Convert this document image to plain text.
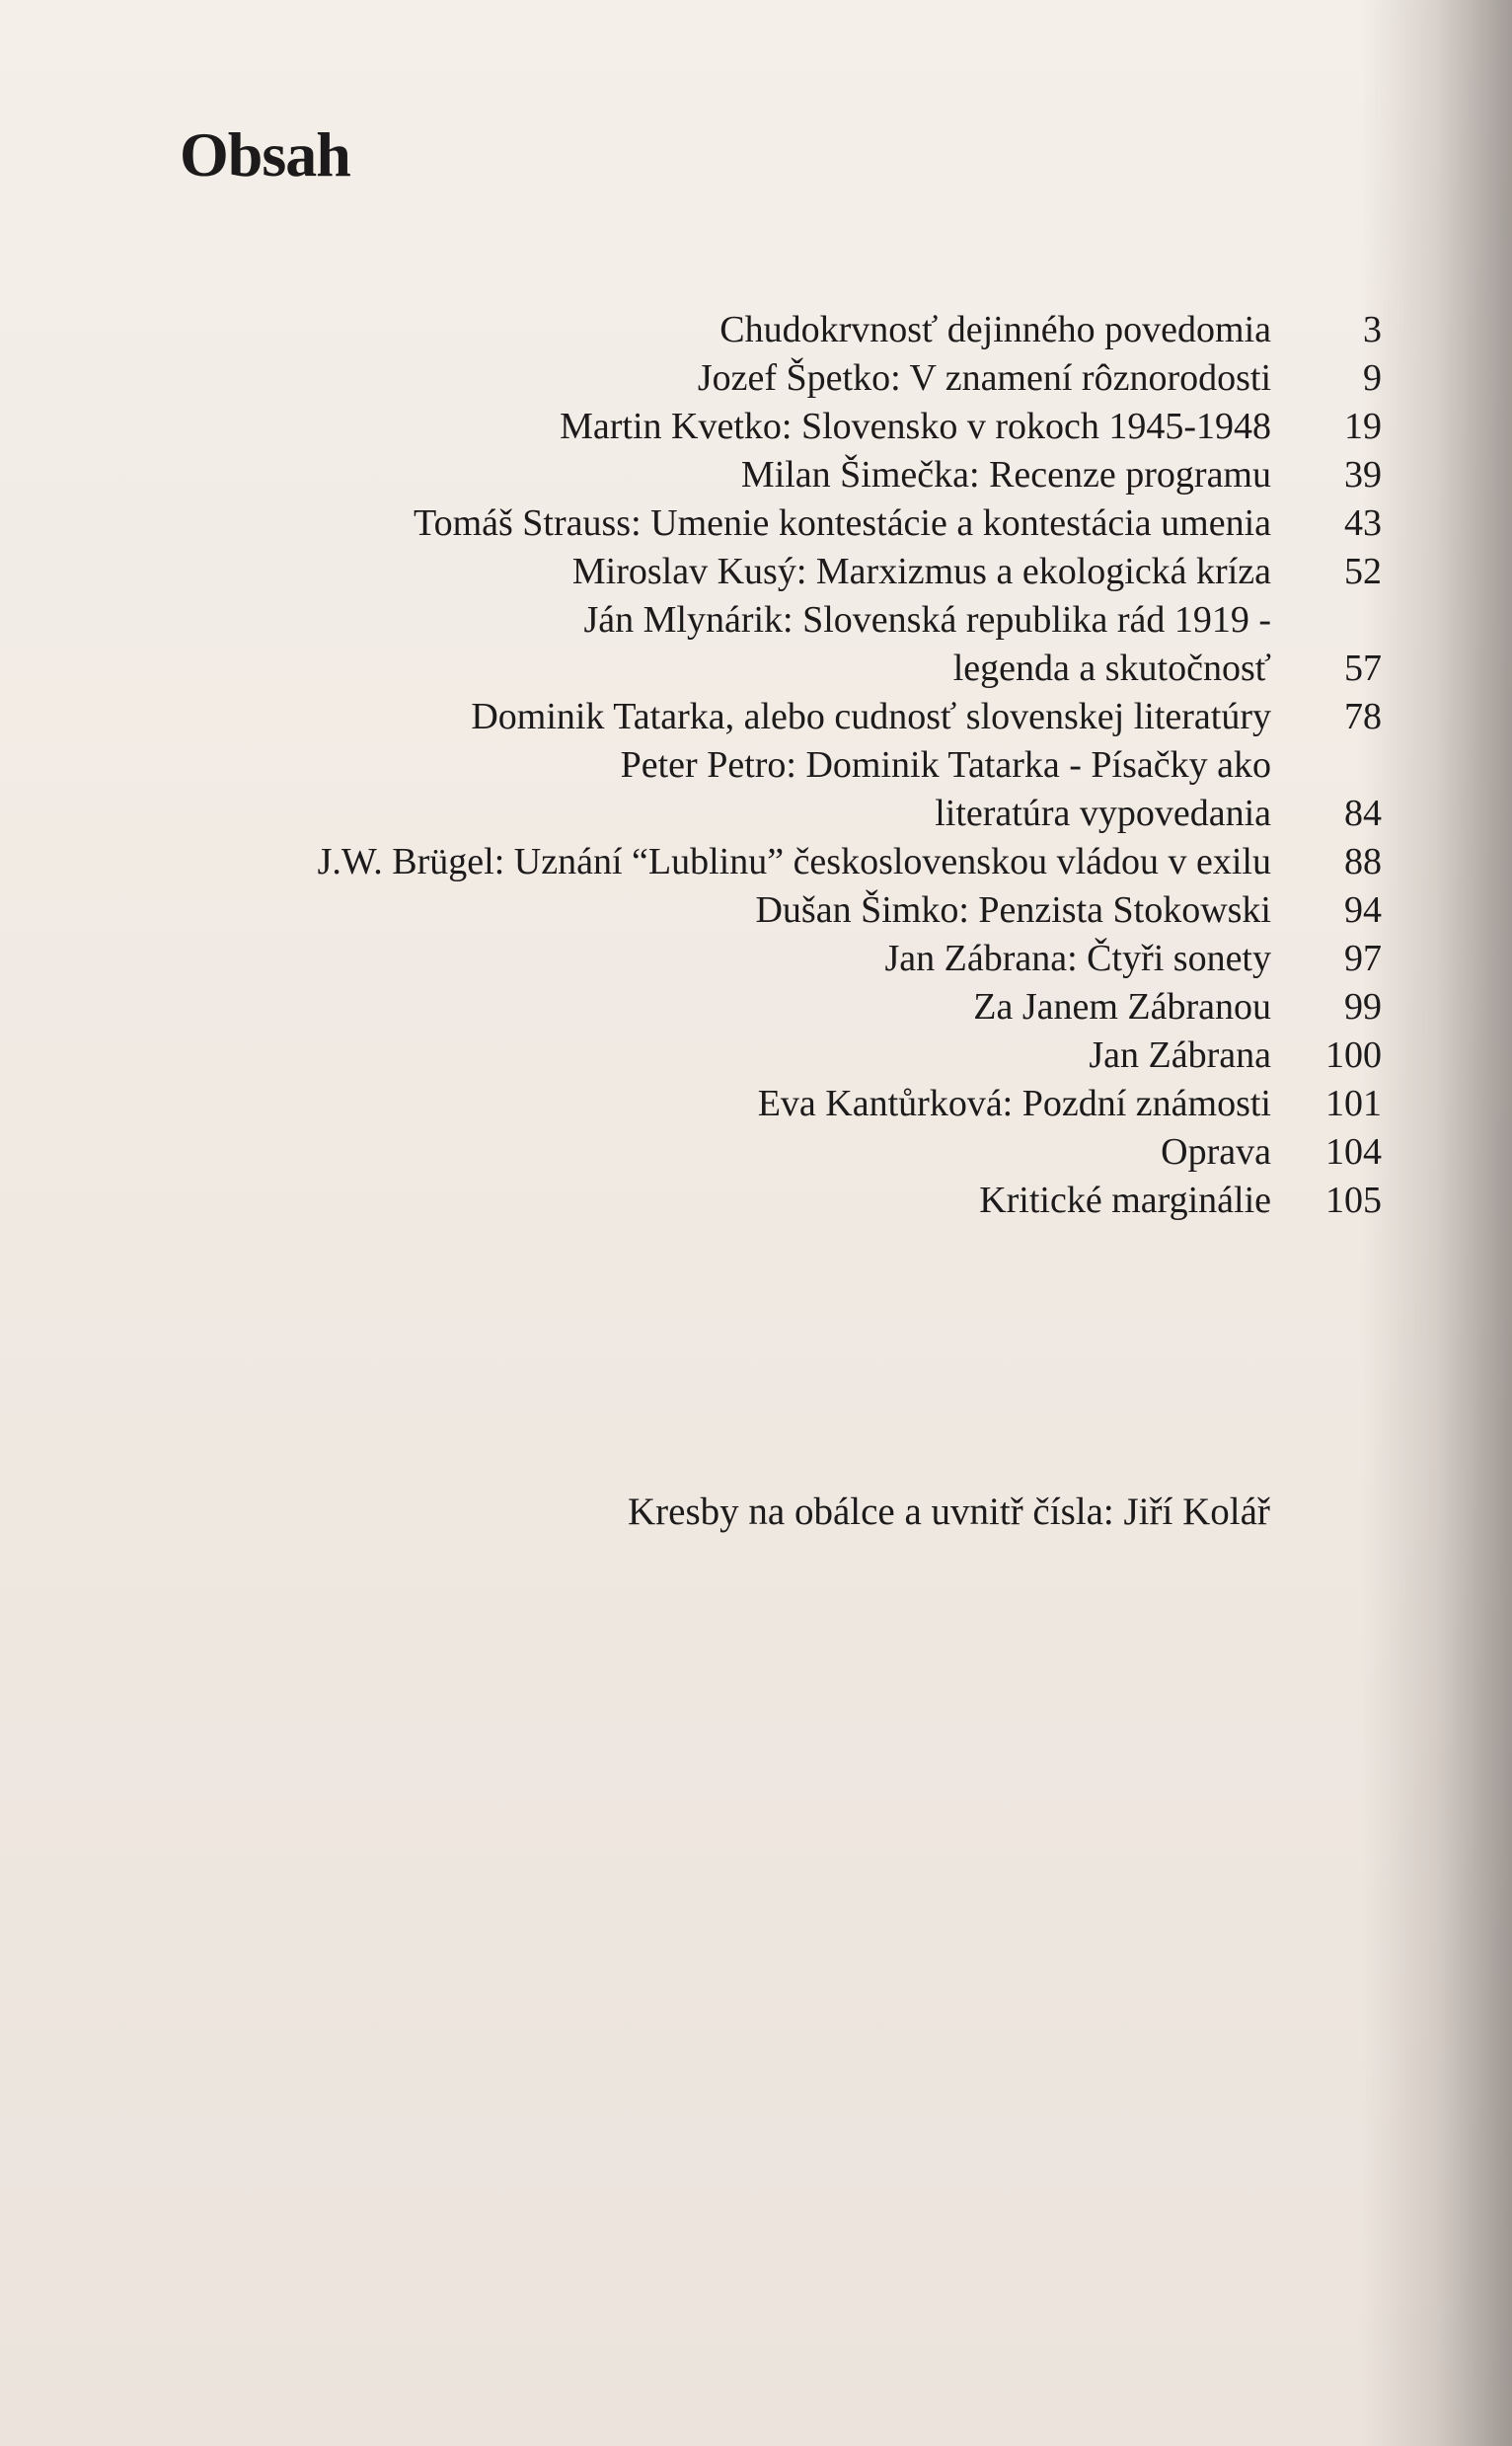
Obsah
Chudokrvnosť dejinného povedomia	3
Jozef Špetko: V znamení rôznorodosti	9
Martin Kvetko: Slovensko v rokoch 1945-1948	19
Milan Šimečka: Recenze programu	39
Tomáš Strauss: Umenie kontestácie a kontestácia umenia	43
Miroslav Kusý: Marxizmus a ekologická kríza	52
Ján Mlynárik: Slovenská republika rád 1919 -
legenda a skutočnosť	57
Dominik Tatarka, alebo cudnosť slovenskej literatúry	78
Peter Petro: Dominik Tatarka - Písačky ako
literatúra vypovedania	84
J.W. Brügel: Uznání “Lublinu” československou vládou v exilu	88
Dušan Šimko: Penzista Stokowski	94
Jan Zábrana: Čtyři sonety	97
Za Janem Zábranou	99
Jan Zábrana	100
Eva Kantůrková: Pozdní známosti	101
Oprava	104
Kritické marginálie	105
Kresby na obálce a uvnitř čísla: Jiří Kolář
